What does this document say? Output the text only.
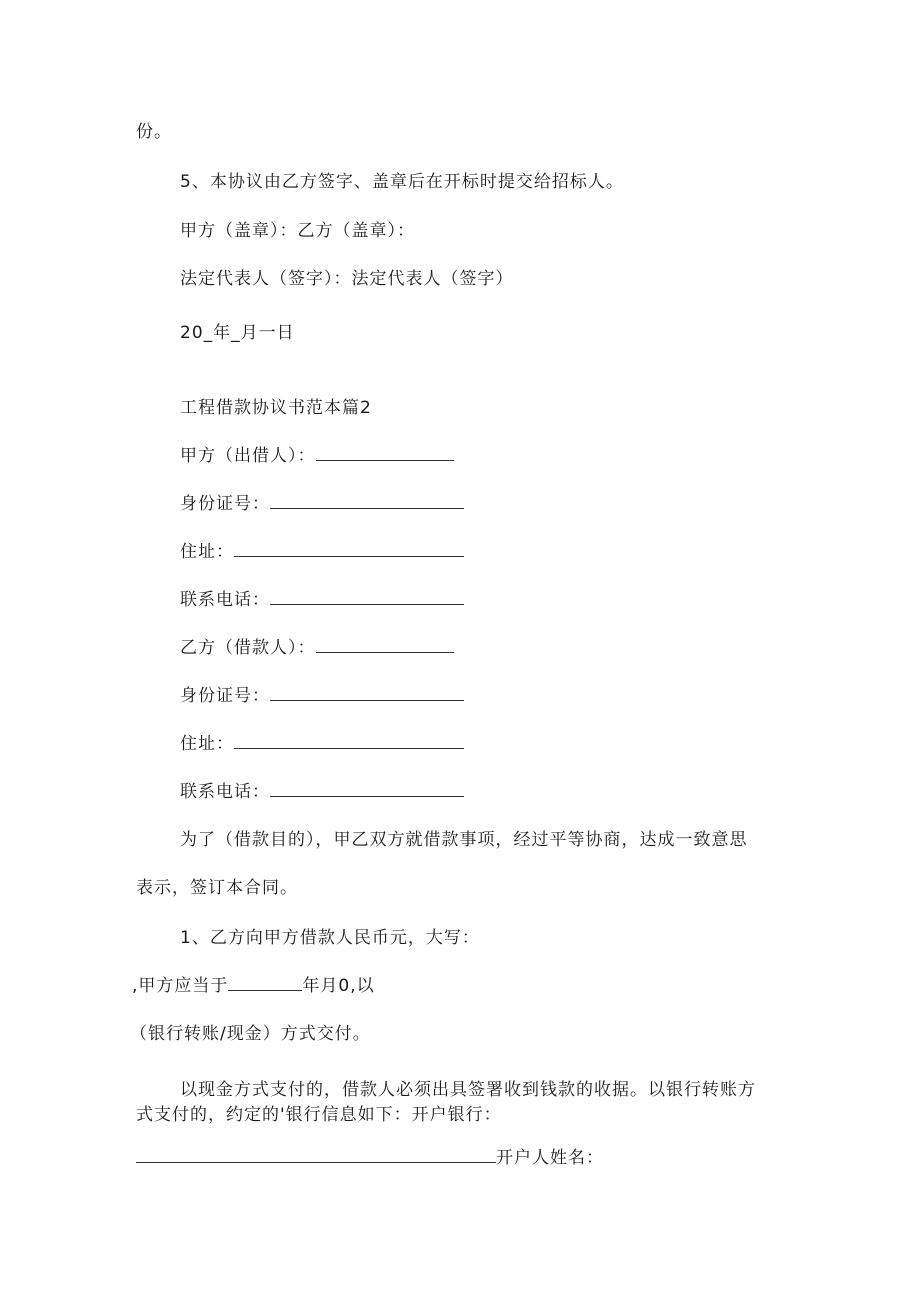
份。
5、本协议由乙方签字、盖章后在开标时提交给招标人。
甲方（盖章）：乙方（盖章）：
法定代表人（签字）：法定代表人（签字）
20_年_月一日
工程借款协议书范本篇2
甲方（出借人）：
身份证号：
住址：
联系电话：
乙方（借款人）：
身份证号：
住址：
联系电话：
为了（借款目的），甲乙双方就借款事项，经过平等协商，达成一致意思
表示，签订本合同。
1、乙方向甲方借款人民币元，大写：
,甲方应当于	年月0,以
（银行转账/现金）方式交付。
以现金方式支付的，借款人必须出具签署收到钱款的收据。以银行转账方
式支付的，约定的'银行信息如下：开户银行：
开户人姓名：
